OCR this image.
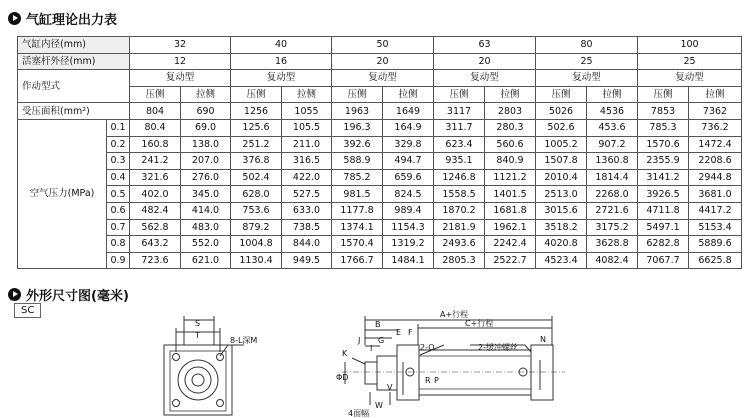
气缸理论出力表
气缸内径(mm)		32		40		50		63		80		100	
活塞杆外径(mm)		12		16		20		20		25		25	
作动型式		复动型		复动型		复动型		复动型		复动型		复动型	
		压侧	拉侧	压侧	拉侧	压侧	拉侧	压侧	拉侧	压侧	拉侧	压侧	拉侧
受压面积(mm²)		804	690	1256	1055	1963	1649	3117	2803	5026	4536	7853	7362
空气压力(MPa)	0.1	80.4	69.0	125.6	105.5	196.3	164.9	311.7	280.3	502.6	453.6	785.3	736.2
	0.2	160.8	138.0	251.2	211.0	392.6	329.8	623.4	560.6	1005.2	907.2	1570.6	1472.4
	0.3	241.2	207.0	376.8	316.5	588.9	494.7	935.1	840.9	1507.8	1360.8	2355.9	2208.6
	0.4	321.6	276.0	502.4	422.0	785.2	659.6	1246.8	1121.2	2010.4	1814.4	3141.2	2944.8
	0.5	402.0	345.0	628.0	527.5	981.5	824.5	1558.5	1401.5	2513.0	2268.0	3926.5	3681.0
	0.6	482.4	414.0	753.6	633.0	1177.8	989.4	1870.2	1681.8	3015.6	2721.6	4711.8	4417.2
	0.7	562.8	483.0	879.2	738.5	1374.1	1154.3	2181.9	1962.1	3518.2	3175.2	5497.1	5153.4
	0.8	643.2	552.0	1004.8	844.0	1570.4	1319.2	2493.6	2242.4	4020.8	3628.8	6282.8	5889.6
	0.9	723.6	621.0	1130.4	949.5	1766.7	1484.1	2805.3	2522.7	4523.4	4082.4	7067.7	6625.8
外形尺寸图(毫米)
SC
S
T
8-L深M
A+行程
C+行程
B
E F
G
I
J
K
ΦD
V
W
4面幅
2-O	2-缓冲螺丝
N
R P
